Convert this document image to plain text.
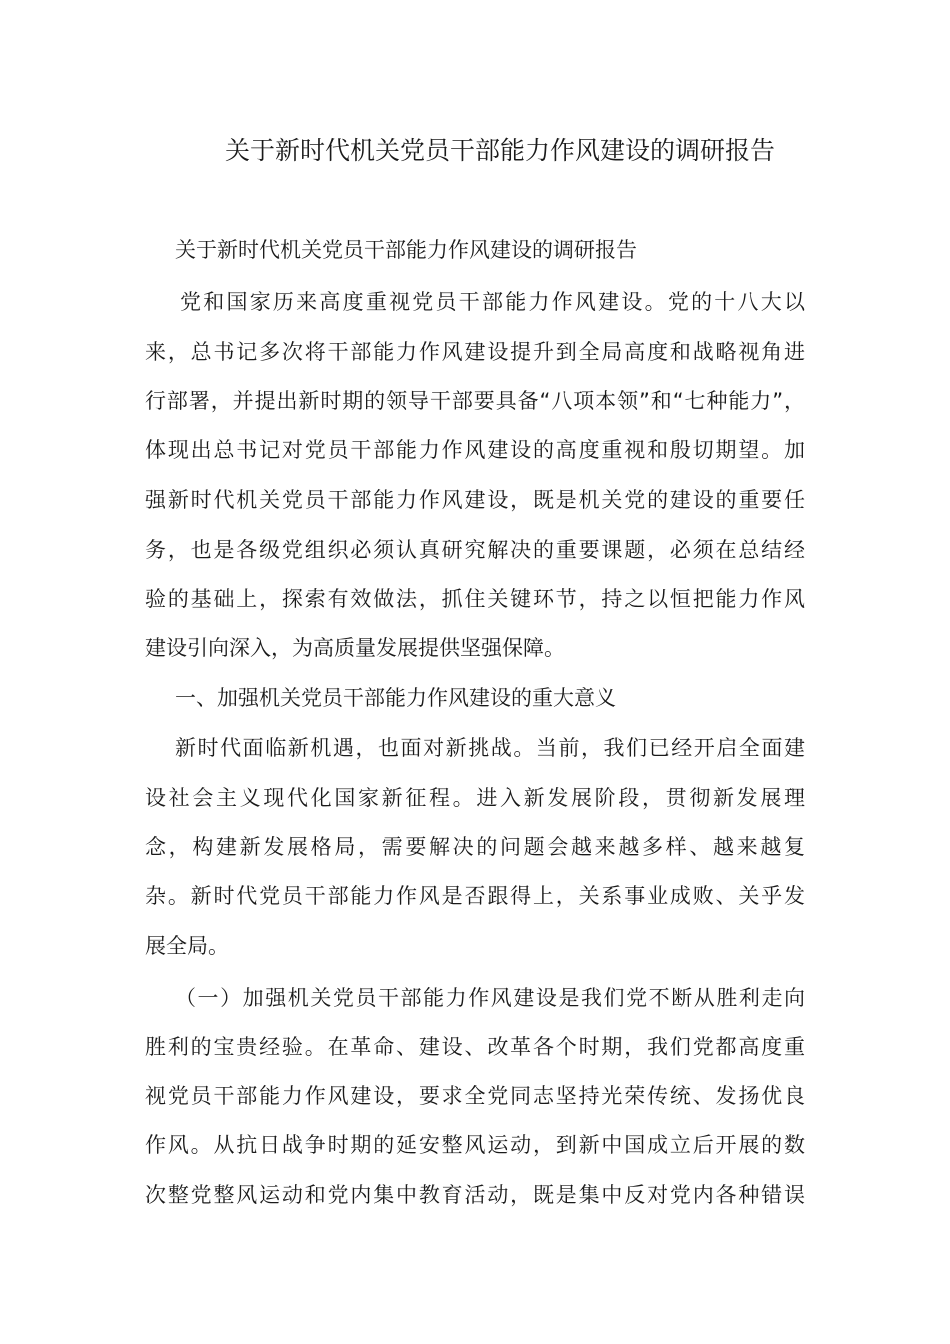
关于新时代机关党员干部能力作风建设的调研报告
关于新时代机关党员干部能力作风建设的调研报告
党和国家历来高度重视党员干部能力作风建设。党的十八大以
来，总书记多次将干部能力作风建设提升到全局高度和战略视角进
行部署，并提出新时期的领导干部要具备“八项本领”和“七种能力”，
体现出总书记对党员干部能力作风建设的高度重视和殷切期望。加
强新时代机关党员干部能力作风建设，既是机关党的建设的重要任
务，也是各级党组织必须认真研究解决的重要课题，必须在总结经
验的基础上，探索有效做法，抓住关键环节，持之以恒把能力作风
建设引向深入，为高质量发展提供坚强保障。
一、加强机关党员干部能力作风建设的重大意义
新时代面临新机遇，也面对新挑战。当前，我们已经开启全面建
设社会主义现代化国家新征程。进入新发展阶段，贯彻新发展理
念，构建新发展格局，需要解决的问题会越来越多样、越来越复
杂。新时代党员干部能力作风是否跟得上，关系事业成败、关乎发
展全局。
（一）加强机关党员干部能力作风建设是我们党不断从胜利走向
胜利的宝贵经验。在革命、建设、改革各个时期，我们党都高度重
视党员干部能力作风建设，要求全党同志坚持光荣传统、发扬优良
作风。从抗日战争时期的延安整风运动，到新中国成立后开展的数
次整党整风运动和党内集中教育活动，既是集中反对党内各种错误
